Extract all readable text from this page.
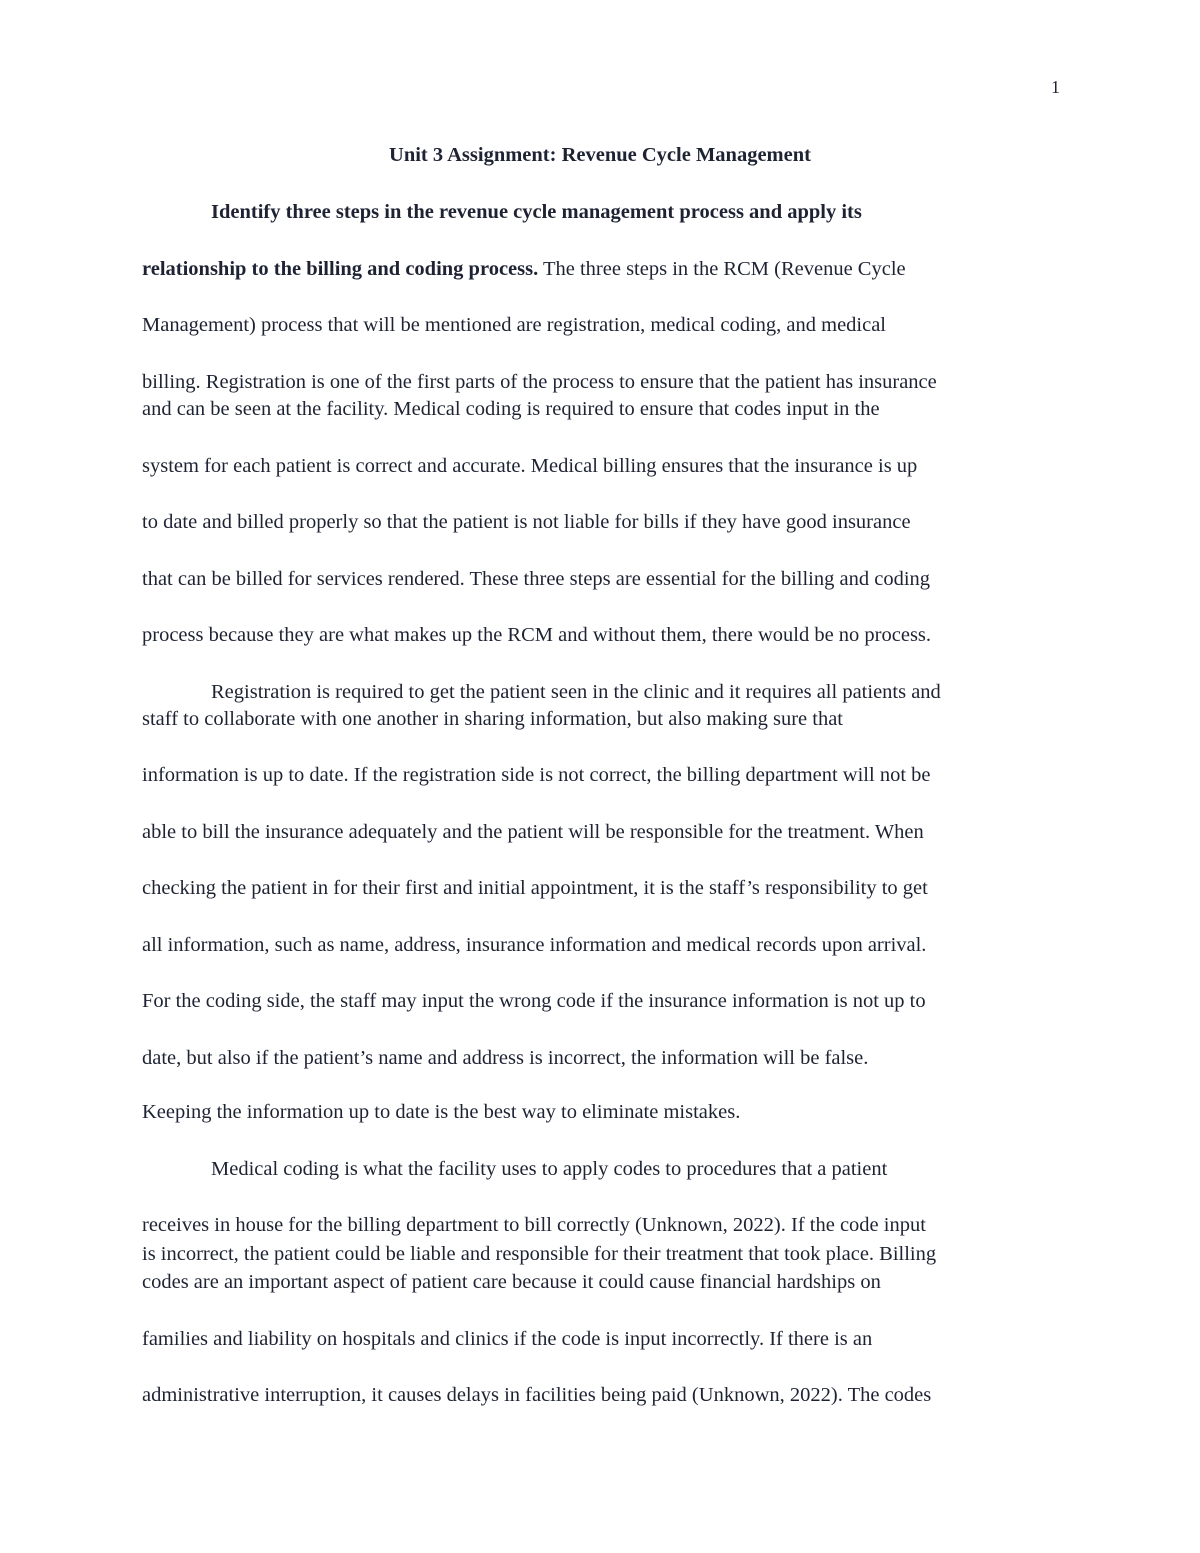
1
Unit 3 Assignment: Revenue Cycle Management
Identify three steps in the revenue cycle management process and apply its
relationship to the billing and coding process. The three steps in the RCM (Revenue Cycle
Management) process that will be mentioned are registration, medical coding, and medical
billing. Registration is one of the first parts of the process to ensure that the patient has insurance
and can be seen at the facility. Medical coding is required to ensure that codes input in the
system for each patient is correct and accurate. Medical billing ensures that the insurance is up
to date and billed properly so that the patient is not liable for bills if they have good insurance
that can be billed for services rendered. These three steps are essential for the billing and coding
process because they are what makes up the RCM and without them, there would be no process.
Registration is required to get the patient seen in the clinic and it requires all patients and
staff to collaborate with one another in sharing information, but also making sure that
information is up to date. If the registration side is not correct, the billing department will not be
able to bill the insurance adequately and the patient will be responsible for the treatment. When
checking the patient in for their first and initial appointment, it is the staff’s responsibility to get
all information, such as name, address, insurance information and medical records upon arrival.
For the coding side, the staff may input the wrong code if the insurance information is not up to
date, but also if the patient’s name and address is incorrect, the information will be false.
Keeping the information up to date is the best way to eliminate mistakes.
Medical coding is what the facility uses to apply codes to procedures that a patient
receives in house for the billing department to bill correctly (Unknown, 2022). If the code input
is incorrect, the patient could be liable and responsible for their treatment that took place. Billing
codes are an important aspect of patient care because it could cause financial hardships on
families and liability on hospitals and clinics if the code is input incorrectly. If there is an
administrative interruption, it causes delays in facilities being paid (Unknown, 2022). The codes
